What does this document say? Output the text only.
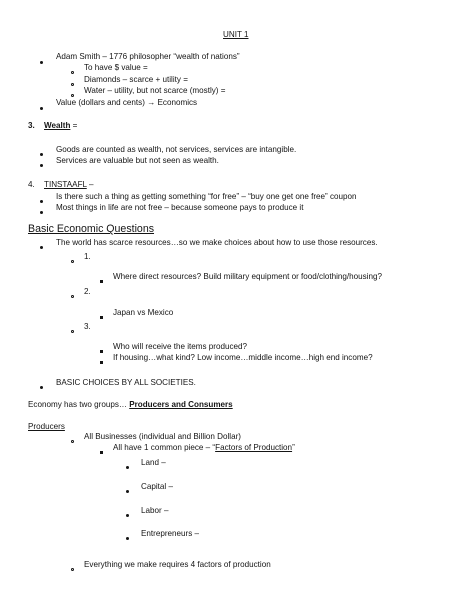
UNIT 1
Adam Smith – 1776 philosopher “wealth of nations”
To have $ value =
Diamonds – scarce + utility =
Water – utility, but not scarce (mostly) =
Value (dollars and cents) → Economics
3. Wealth =
Goods are counted as wealth, not services, services are intangible.
Services are valuable but not seen as wealth.
4. TINSTAAFL –
Is there such a thing as getting something “for free” – “buy one get one free” coupon
Most things in life are not free – because someone pays to produce it
Basic Economic Questions
The world has scarce resources…so we make choices about how to use those resources.
1.
Where direct resources? Build military equipment or food/clothing/housing?
2.
Japan vs Mexico
3.
Who will receive the items produced?
If housing…what kind? Low income…middle income…high end income?
BASIC CHOICES BY ALL SOCIETIES.
Economy has two groups… Producers and Consumers
Producers
All Businesses (individual and Billion Dollar)
All have 1 common piece – “Factors of Production”
Land –
Capital –
Labor –
Entrepreneurs –
Everything we make requires 4 factors of production
